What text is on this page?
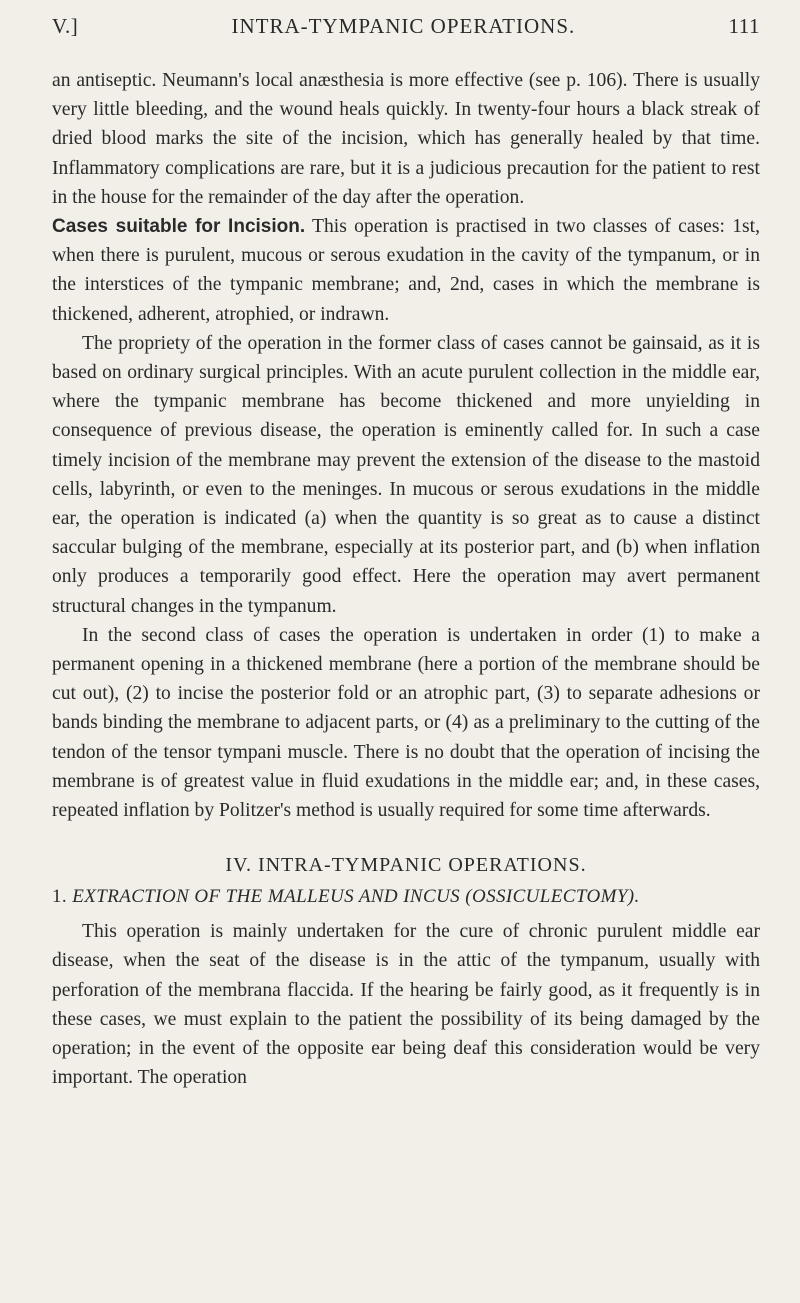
V.]	INTRA-TYMPANIC OPERATIONS.	111

an antiseptic. Neumann's local anæsthesia is more effective (see p. 106). There is usually very little bleeding, and the wound heals quickly. In twenty-four hours a black streak of dried blood marks the site of the incision, which has generally healed by that time. Inflammatory complications are rare, but it is a judicious precaution for the patient to rest in the house for the remainder of the day after the operation.

Cases suitable for Incision. This operation is practised in two classes of cases: 1st, when there is purulent, mucous or serous exudation in the cavity of the tympanum, or in the interstices of the tympanic membrane; and, 2nd, cases in which the membrane is thickened, adherent, atrophied, or indrawn.

The propriety of the operation in the former class of cases cannot be gainsaid, as it is based on ordinary surgical principles. With an acute purulent collection in the middle ear, where the tympanic membrane has become thickened and more unyielding in consequence of previous disease, the operation is eminently called for. In such a case timely incision of the membrane may prevent the extension of the disease to the mastoid cells, labyrinth, or even to the meninges. In mucous or serous exudations in the middle ear, the operation is indicated (a) when the quantity is so great as to cause a distinct saccular bulging of the membrane, especially at its posterior part, and (b) when inflation only produces a temporarily good effect. Here the operation may avert permanent structural changes in the tympanum.

In the second class of cases the operation is undertaken in order (1) to make a permanent opening in a thickened membrane (here a portion of the membrane should be cut out), (2) to incise the posterior fold or an atrophic part, (3) to separate adhesions or bands binding the membrane to adjacent parts, or (4) as a preliminary to the cutting of the tendon of the tensor tympani muscle. There is no doubt that the operation of incising the membrane is of greatest value in fluid exudations in the middle ear; and, in these cases, repeated inflation by Politzer's method is usually required for some time afterwards.

IV. INTRA-TYMPANIC OPERATIONS.
1. EXTRACTION OF THE MALLEUS AND INCUS (OSSICULECTOMY).

This operation is mainly undertaken for the cure of chronic purulent middle ear disease, when the seat of the disease is in the attic of the tympanum, usually with perforation of the membrana flaccida. If the hearing be fairly good, as it frequently is in these cases, we must explain to the patient the possibility of its being damaged by the operation; in the event of the opposite ear being deaf this consideration would be very important. The operation
